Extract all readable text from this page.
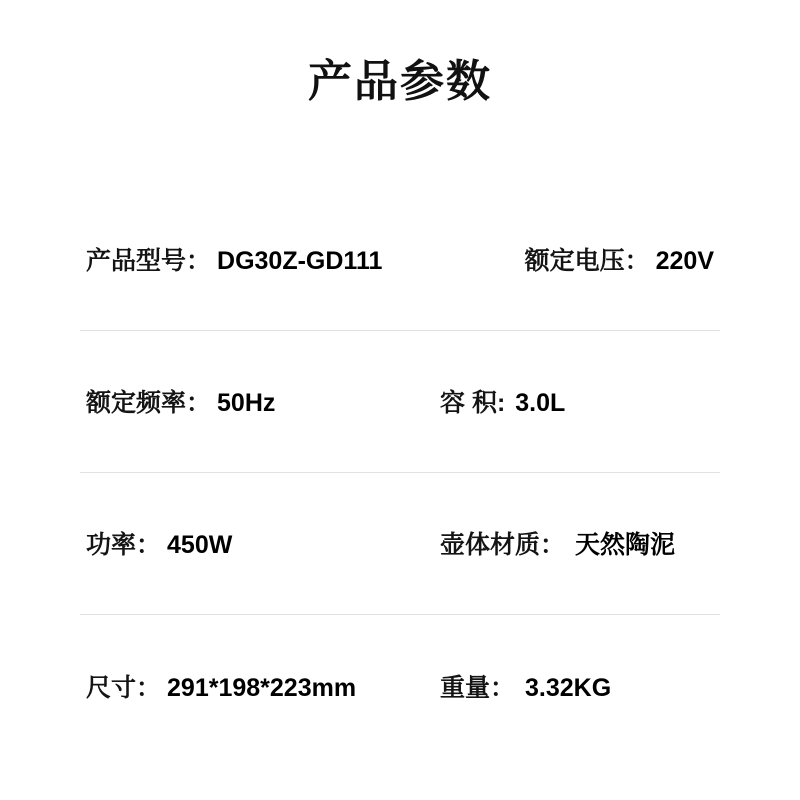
产品参数
产品型号： DG30Z-GD111	额定电压： 220V
额定频率： 50Hz	容 积: 3.0L
功率： 450W	壶体材质： 天然陶泥
尺寸： 291*198*223mm	重量： 3.32KG
